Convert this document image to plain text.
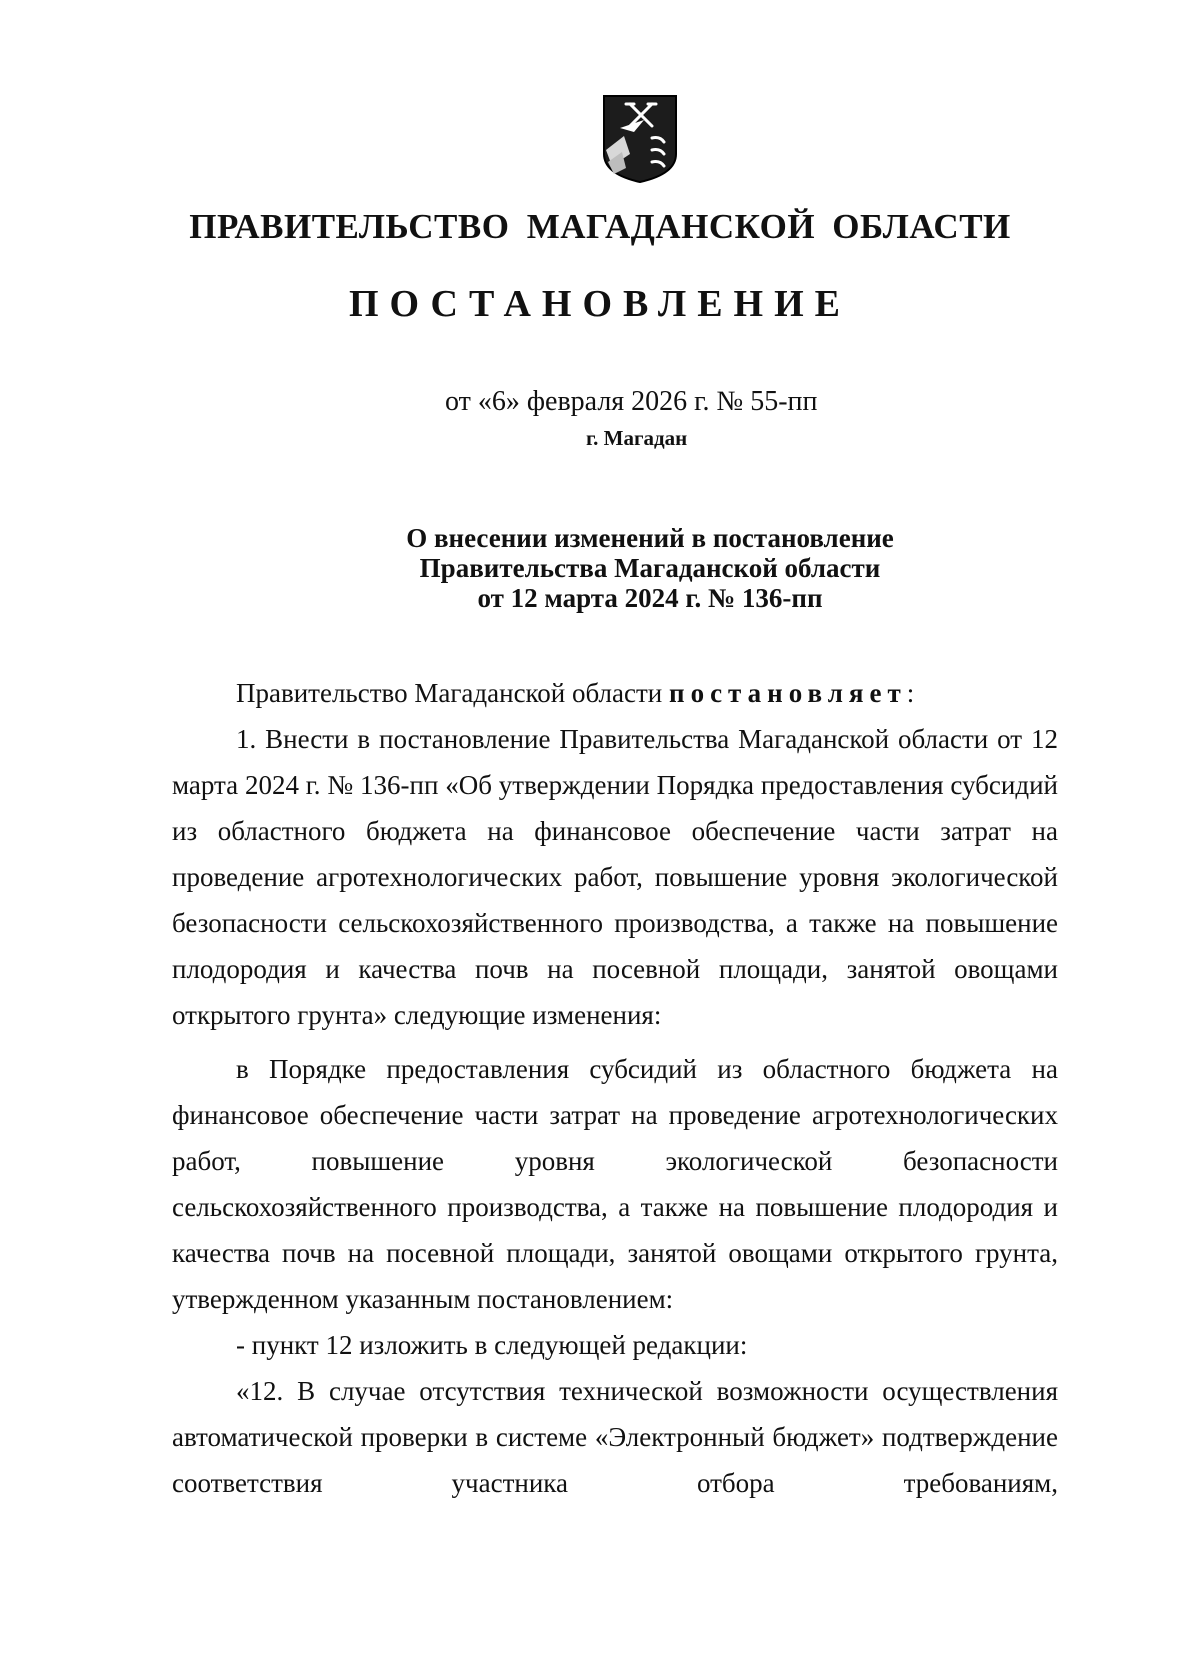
ПРАВИТЕЛЬСТВО МАГАДАНСКОЙ ОБЛАСТИ
ПОСТАНОВЛЕНИЕ

от «6» февраля 2026 г. № 55-пп

г. Магадан

О внесении изменений в постановление
Правительства Магаданской области
от 12 марта 2024 г. № 136-пп

Правительство Магаданской области постановляет:

1. Внести в постановление Правительства Магаданской области от 12 марта 2024 г. № 136-пп «Об утверждении Порядка предоставления субсидий из областного бюджета на финансовое обеспечение части затрат на проведение агротехнологических работ, повышение уровня экологической безопасности сельскохозяйственного производства, а также на повышение плодородия и качества почв на посевной площади, занятой овощами открытого грунта» следующие изменения:

в Порядке предоставления субсидий из областного бюджета на финансовое обеспечение части затрат на проведение агротехнологических работ, повышение уровня экологической безопасности сельскохозяйственного производства, а также на повышение плодородия и качества почв на посевной площади, занятой овощами открытого грунта, утвержденном указанным постановлением:

- пункт 12 изложить в следующей редакции:

«12. В случае отсутствия технической возможности осуществления автоматической проверки в системе «Электронный бюджет» подтверждение соответствия участника отбора требованиям,
